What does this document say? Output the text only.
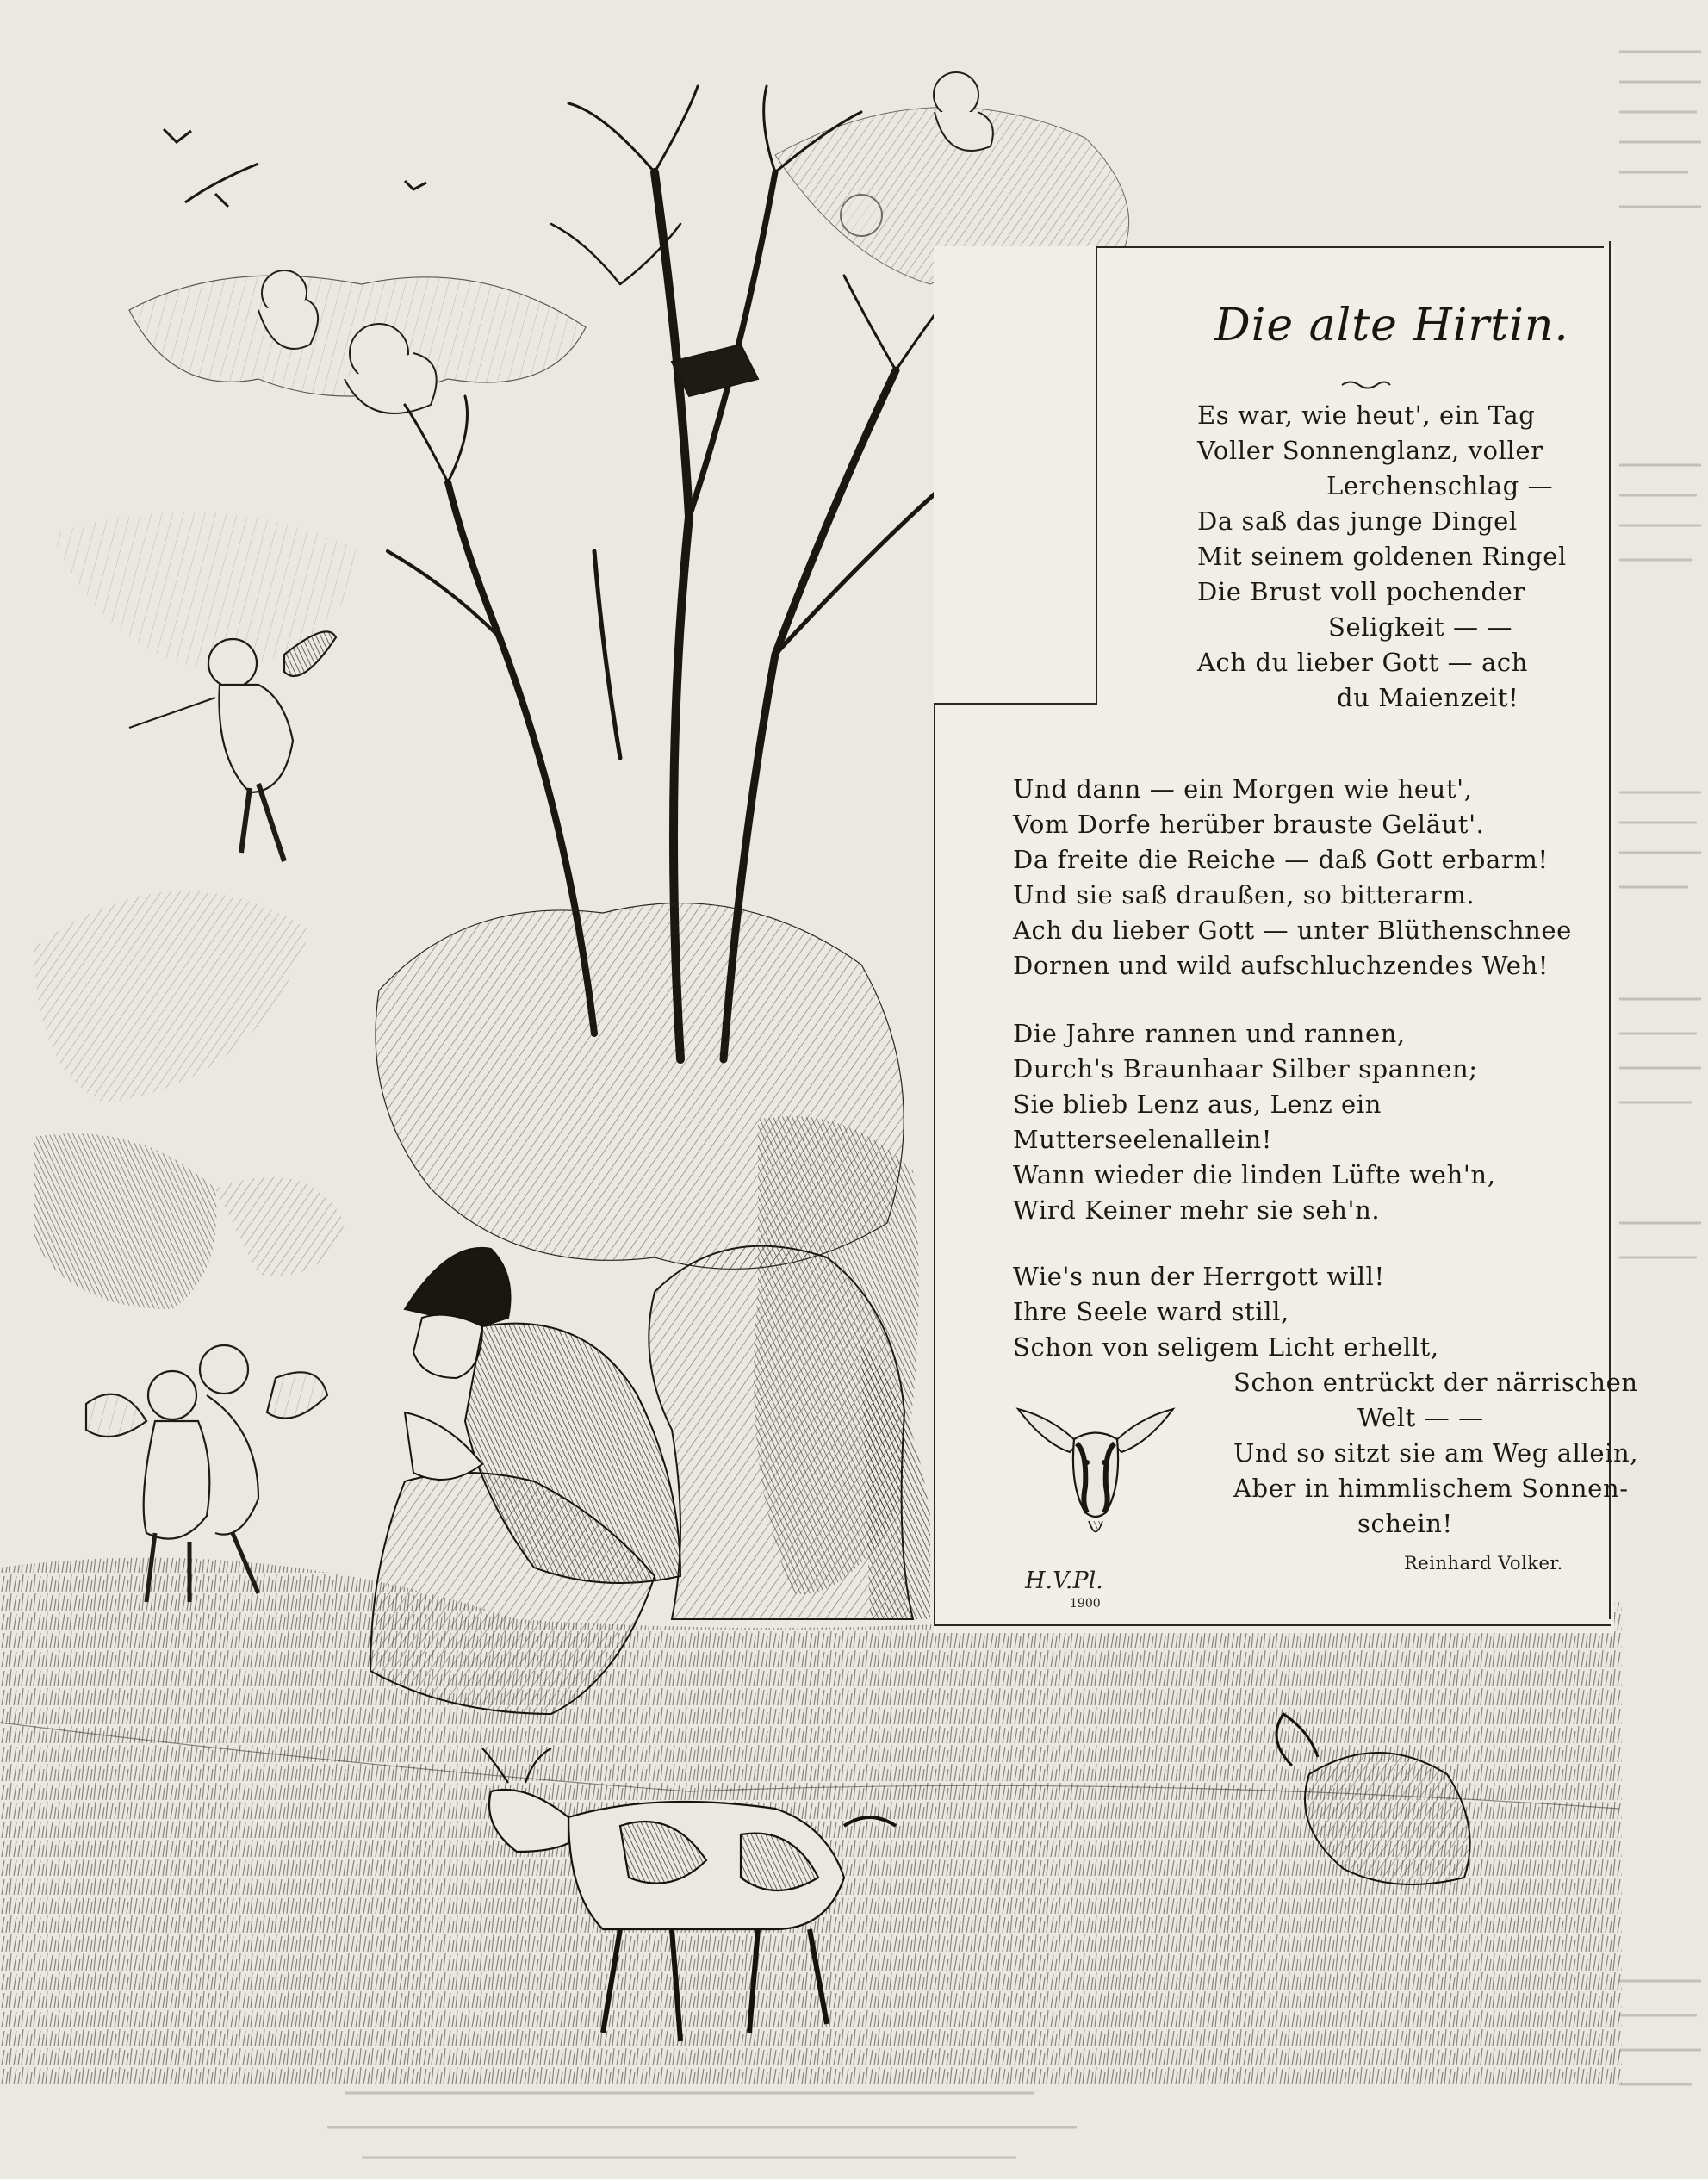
Die alte Hirtin.
Es war, wie heut', ein Tag
Voller Sonnenglanz, voller
Lerchenschlag —
Da saß das junge Dingel
Mit seinem goldenen Ringel
Die Brust voll pochender
Seligkeit — —
Ach du lieber Gott — ach
du Maienzeit!
Und dann — ein Morgen wie heut',
Vom Dorfe herüber brauste Geläut'.
Da freite die Reiche — daß Gott erbarm!
Und sie saß draußen, so bitterarm.
Ach du lieber Gott — unter Blüthenschnee
Dornen und wild aufschluchzendes Weh!
Die Jahre rannen und rannen,
Durch's Braunhaar Silber spannen;
Sie blieb Lenz aus, Lenz ein
Mutterseelenallein!
Wann wieder die linden Lüfte weh'n,
Wird Keiner mehr sie seh'n.
Wie's nun der Herrgott will!
Ihre Seele ward still,
Schon von seligem Licht erhellt,
Schon entrückt der närrischen
Welt — —
Und so sitzt sie am Weg allein,
Aber in himmlischem Sonnen-
schein!
H.V.Pl.
1900
Reinhard Volker.
